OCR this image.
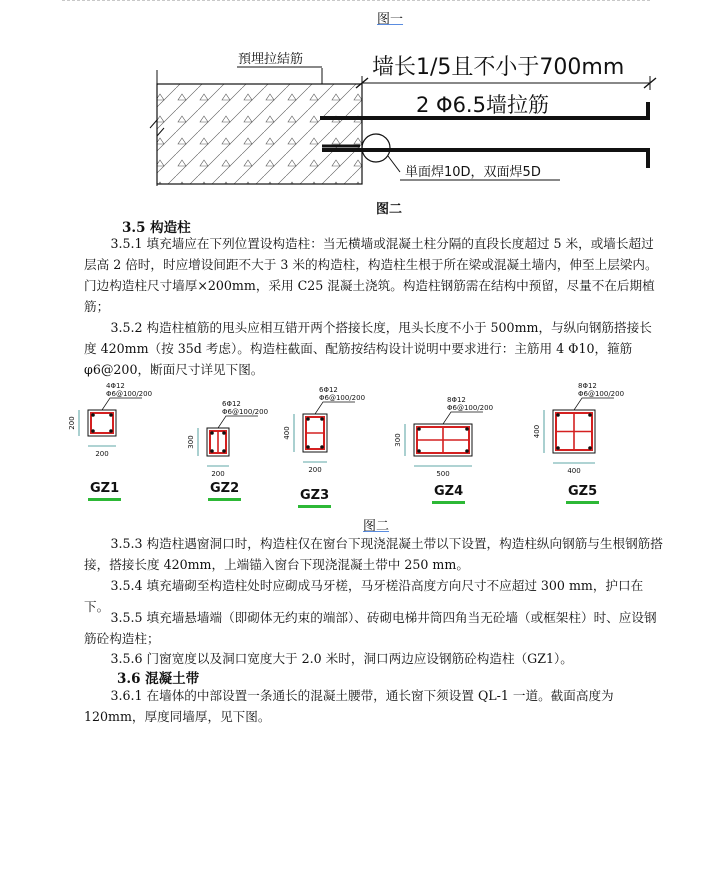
图一
預埋拉結筋	墙长1/5且不小于700mm
2 Φ6.5墙拉筋
単面焊10D，双面焊5D
图二
3.5 构造柱
3.5.1 填充墙应在下列位置设构造柱：当无横墙或混凝土柱分隔的直段长度超过 5 米，或墙长超过层高 2 倍时，时应增设间距不大于 3 米的构造柱，构造柱生根于所在梁或混凝土墙内，伸至上层梁内。门边构造柱尺寸墙厚×200mm，采用 C25 混凝土浇筑。构造柱钢筋需在结构中预留，尽量不在后期植筋；
3.5.2 构造柱植筋的甩头应相互错开两个搭接长度，甩头长度不小于 500mm，与纵向钢筋搭接长度 420mm（按 35d 考虑）。构造柱截面、配筋按结构设计说明中要求进行：主筋用 4 Φ10，箍筋φ6@200，断面尺寸详见下图。
200
200
4Φ12
Φ6@100/200
200
300
6Φ12
Φ6@100/200
200
400
6Φ12
Φ6@100/200
500
300
8Φ12
Φ6@100/200
400
400
8Φ12
Φ6@100/200
GZ1	GZ2	GZ3	GZ4	GZ5
图二
3.5.3 构造柱遇窗洞口时，构造柱仅在窗台下现浇混凝土带以下设置，构造柱纵向钢筋与生根钢筋搭接，搭接长度 420mm，上端锚入窗台下现浇混凝土带中 250 mm。
3.5.4 填充墙砌至构造柱处时应砌成马牙槎，马牙槎沿高度方向尺寸不应超过 300 mm，护口在下。
3.5.5 填充墙悬墙端（即砌体无约束的端部）、砖砌电梯井筒四角当无砼墙（或框架柱）时、应设钢筋砼构造柱；
3.5.6 门窗宽度以及洞口宽度大于 2.0 米时，洞口两边应设钢筋砼构造柱（GZ1）。
3.6 混凝土带
3.6.1 在墙体的中部设置一条通长的混凝土腰带，通长窗下须设置 QL-1 一道。截面高度为 120mm，厚度同墙厚，见下图。
